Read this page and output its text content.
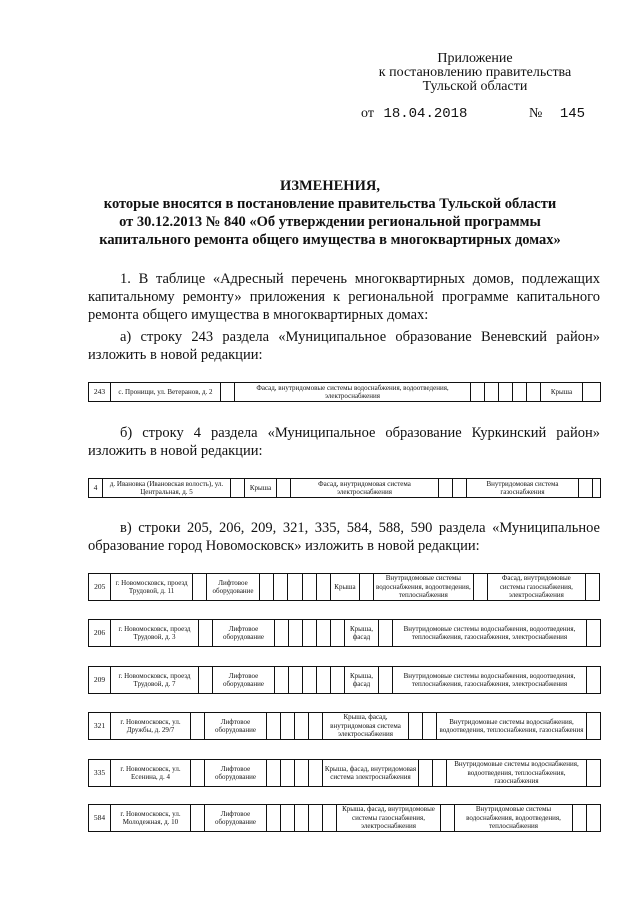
Приложение
к постановлению правительства
Тульской области
от 18.04.2018	№ 145
ИЗМЕНЕНИЯ,
которые вносятся в постановление правительства Тульской области
от 30.12.2013 № 840 «Об утверждении региональной программы
капитального ремонта общего имущества в многоквартирных домах»
1. В таблице «Адресный перечень многоквартирных домов, подлежащих капитальному ремонту» приложения к региональной программе капитального ремонта общего имущества в многоквартирных домах:
а) строку 243 раздела «Муниципальное образование Веневский район» изложить в новой редакции:
243	с. Пронищи, ул. Ветеранов, д. 2		Фасад, внутридомовые системы водоснабжения, водоотведения, электроснабжения						Крыша	
б) строку 4 раздела «Муниципальное образование Куркинский район» изложить в новой редакции:
4	д. Ивановка (Ивановская волость), ул. Центральная, д. 5		Крыша		Фасад, внутридомовая система электроснабжения			Внутридомовая система газоснабжения		
в) строки 205, 206, 209, 321, 335, 584, 588, 590 раздела «Муниципальное образование город Новомосковск» изложить в новой редакции:
205	г. Новомосковск, проезд Трудовой, д. 11		Лифтовое оборудование						Крыша		Внутридомовые системы водоснабжения, водоотведения, теплоснабжения		Фасад, внутридомовые системы газоснабжения, электроснабжения	
206	г. Новомосковск, проезд Трудовой, д. 3		Лифтовое оборудование						Крыша, фасад		Внутридомовые системы водоснабжения, водоотведения, теплоснабжения, газоснабжения, электроснабжения	
209	г. Новомосковск, проезд Трудовой, д. 7		Лифтовое оборудование						Крыша, фасад		Внутридомовые системы водоснабжения, водоотведения, теплоснабжения, газоснабжения, электроснабжения	
321	г. Новомосковск, ул. Дружбы, д. 29/7		Лифтовое оборудование					Крыша, фасад, внутридомовая система электроснабжения			Внутридомовые системы водоснабжения, водоотведения, теплоснабжения, газоснабжения	
335	г. Новомосковск, ул. Есенина, д. 4		Лифтовое оборудование					Крыша, фасад, внутридомовая система электроснабжения			Внутридомовые системы водоснабжения, водоотведения, теплоснабжения, газоснабжения	
584	г. Новомосковск, ул. Молодежная, д. 10		Лифтовое оборудование						Крыша, фасад, внутридомовые системы газоснабжения, электроснабжения		Внутридомовые системы водоснабжения, водоотведения, теплоснабжения		
